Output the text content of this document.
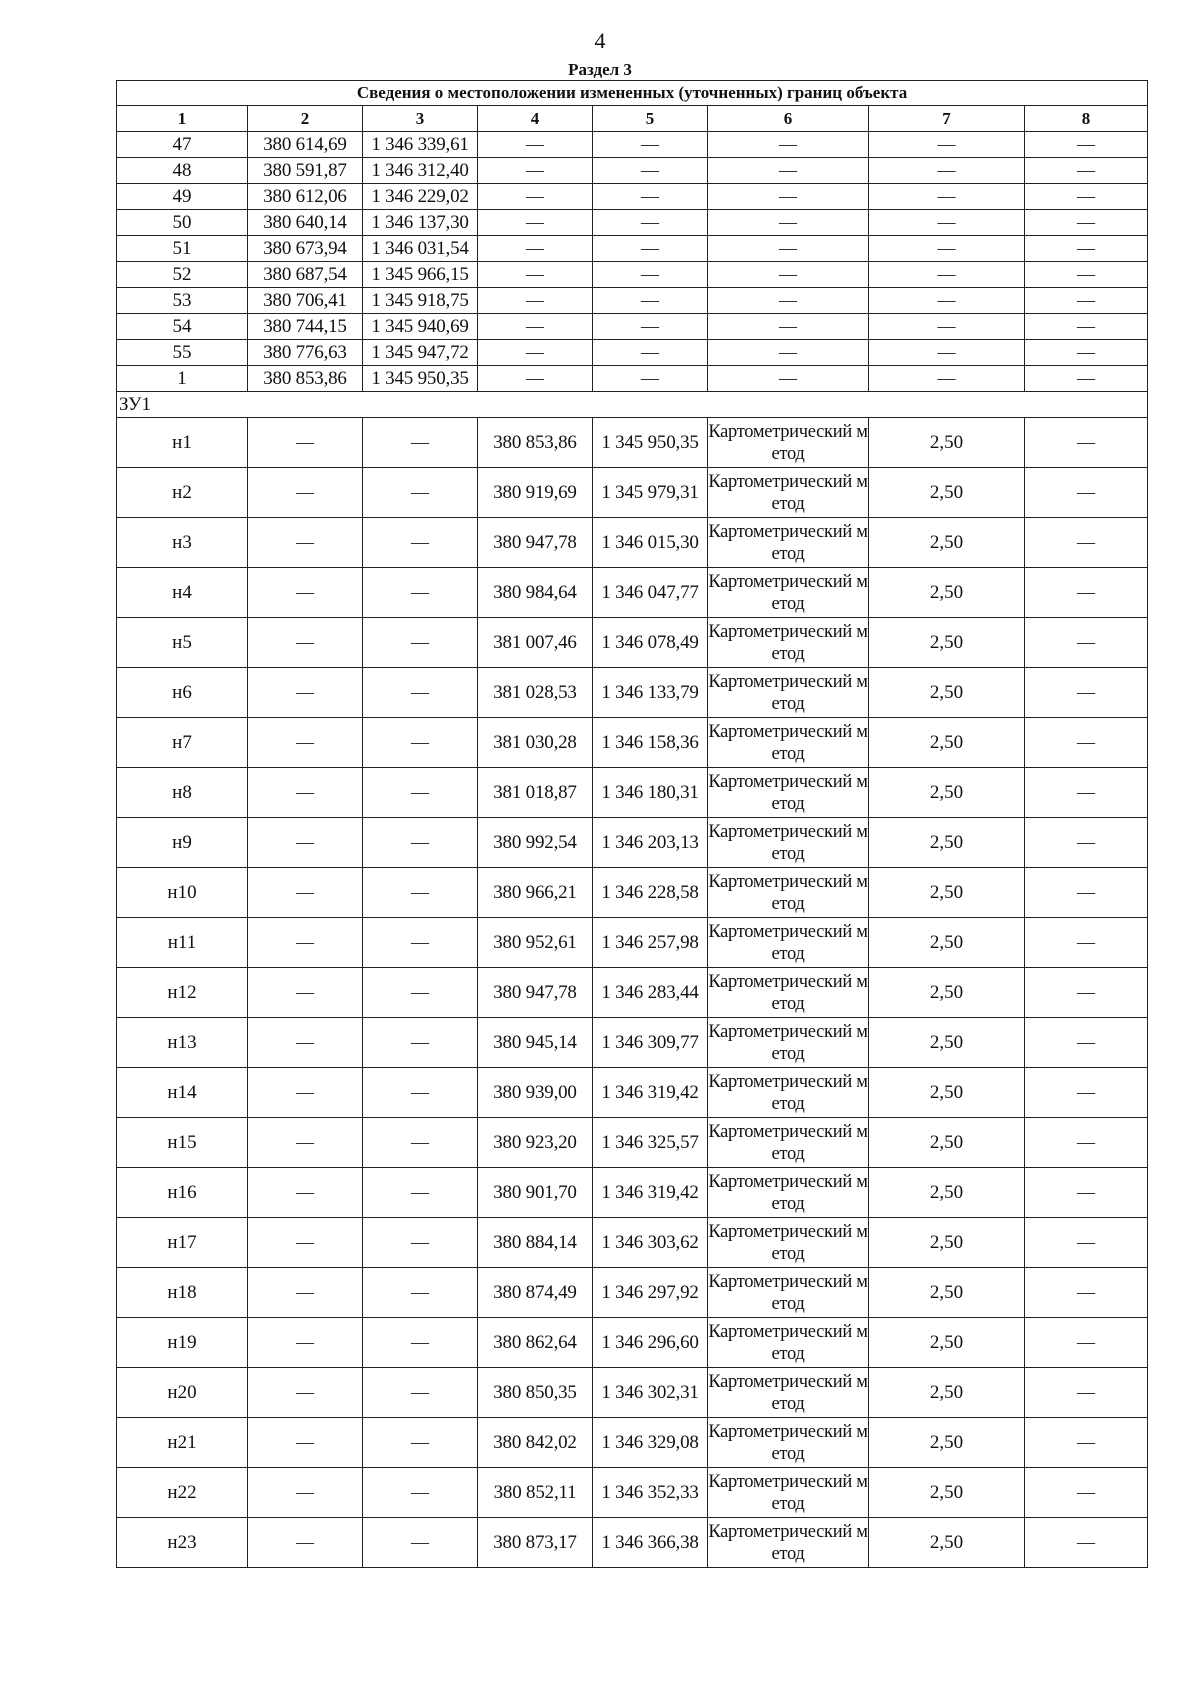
4
Раздел 3
Сведения о местоположении измененных (уточненных) границ объекта							
1	2	3	4	5	6	7	8
47	380 614,69	1 346 339,61	—	—	—	—	—
48	380 591,87	1 346 312,40	—	—	—	—	—
49	380 612,06	1 346 229,02	—	—	—	—	—
50	380 640,14	1 346 137,30	—	—	—	—	—
51	380 673,94	1 346 031,54	—	—	—	—	—
52	380 687,54	1 345 966,15	—	—	—	—	—
53	380 706,41	1 345 918,75	—	—	—	—	—
54	380 744,15	1 345 940,69	—	—	—	—	—
55	380 776,63	1 345 947,72	—	—	—	—	—
1	380 853,86	1 345 950,35	—	—	—	—	—
ЗУ1							
н1	—	—	380 853,86	1 345 950,35	Картометрический метод	2,50	—
н2	—	—	380 919,69	1 345 979,31	Картометрический метод	2,50	—
н3	—	—	380 947,78	1 346 015,30	Картометрический метод	2,50	—
н4	—	—	380 984,64	1 346 047,77	Картометрический метод	2,50	—
н5	—	—	381 007,46	1 346 078,49	Картометрический метод	2,50	—
н6	—	—	381 028,53	1 346 133,79	Картометрический метод	2,50	—
н7	—	—	381 030,28	1 346 158,36	Картометрический метод	2,50	—
н8	—	—	381 018,87	1 346 180,31	Картометрический метод	2,50	—
н9	—	—	380 992,54	1 346 203,13	Картометрический метод	2,50	—
н10	—	—	380 966,21	1 346 228,58	Картометрический метод	2,50	—
н11	—	—	380 952,61	1 346 257,98	Картометрический метод	2,50	—
н12	—	—	380 947,78	1 346 283,44	Картометрический метод	2,50	—
н13	—	—	380 945,14	1 346 309,77	Картометрический метод	2,50	—
н14	—	—	380 939,00	1 346 319,42	Картометрический метод	2,50	—
н15	—	—	380 923,20	1 346 325,57	Картометрический метод	2,50	—
н16	—	—	380 901,70	1 346 319,42	Картометрический метод	2,50	—
н17	—	—	380 884,14	1 346 303,62	Картометрический метод	2,50	—
н18	—	—	380 874,49	1 346 297,92	Картометрический метод	2,50	—
н19	—	—	380 862,64	1 346 296,60	Картометрический метод	2,50	—
н20	—	—	380 850,35	1 346 302,31	Картометрический метод	2,50	—
н21	—	—	380 842,02	1 346 329,08	Картометрический метод	2,50	—
н22	—	—	380 852,11	1 346 352,33	Картометрический метод	2,50	—
н23	—	—	380 873,17	1 346 366,38	Картометрический метод	2,50	—
